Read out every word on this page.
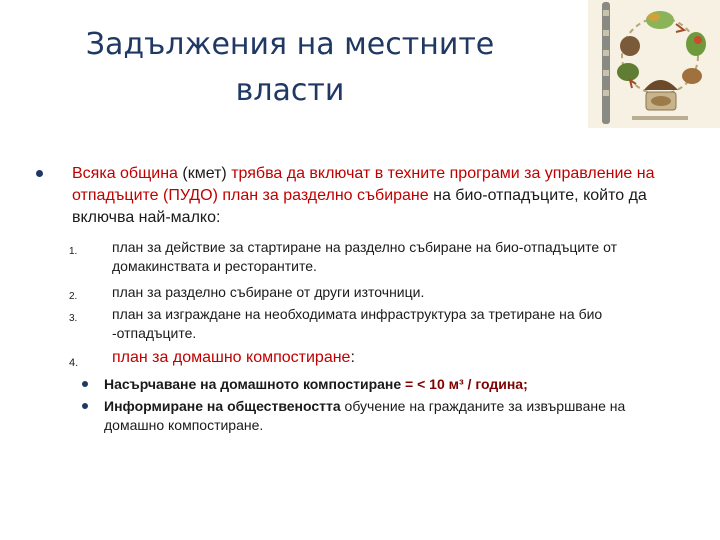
Задължения на местните
власти
Всяка община (кмет) трябва да включат в техните програми за управление на отпадъците (ПУДО) план за разделно събиране на био-отпадъците, който да включва най-малко:
1.	план за действие за стартиране на разделно събиране на био-отпадъците от домакинствата и ресторантите.
2.	план за разделно събиране от други източници.
3.	план за изграждане на необходимата инфраструктура за третиране на био -отпадъците.
4. план за домашно компостиране:
Насърчаване на домашното компостиране = < 10 м³ / година;
Информиране на обществеността обучение на гражданите за извършване на домашно компостиране.
